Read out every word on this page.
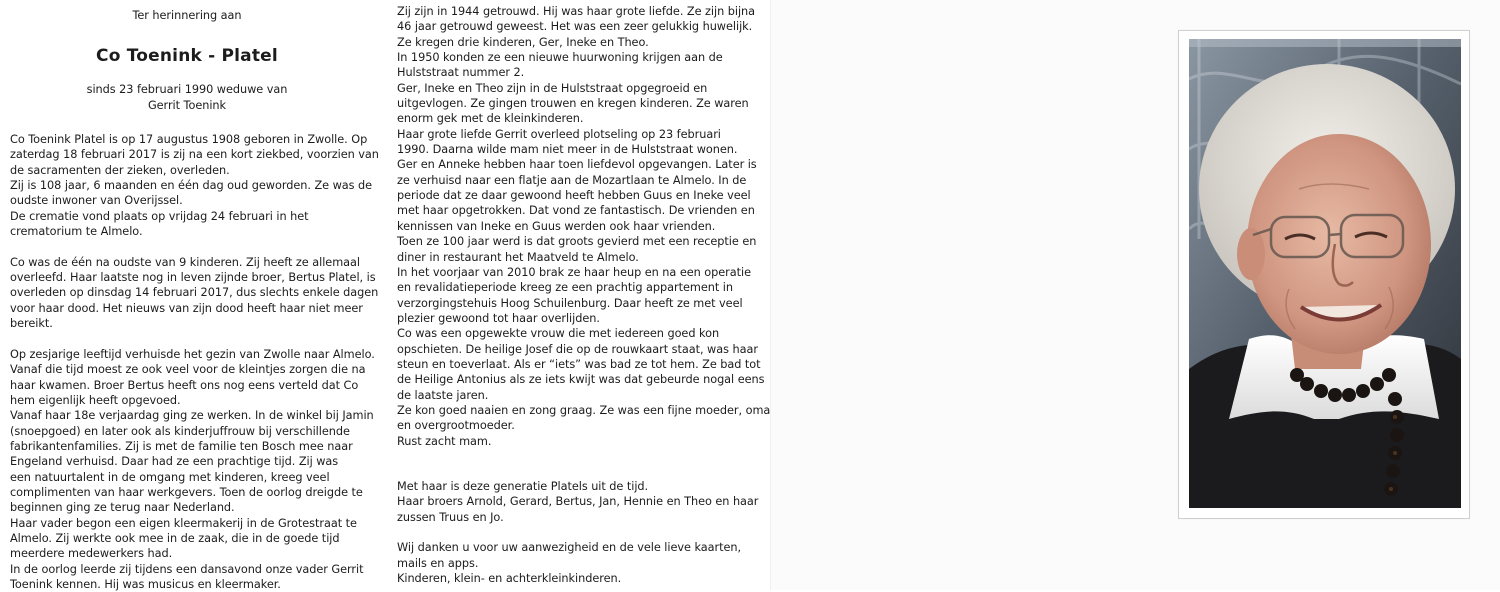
Ter herinnering aan
Co Toenink - Platel
sinds 23 februari 1990 weduwe van
Gerrit Toenink
Co Toenink Platel is op 17 augustus 1908 geboren in Zwolle. Op
zaterdag 18 februari 2017 is zij na een kort ziekbed, voorzien van
de sacramenten der zieken, overleden.
Zij is 108 jaar, 6 maanden en één dag oud geworden. Ze was de
oudste inwoner van Overijssel.
De crematie vond plaats op vrijdag 24 februari in het
crematorium te Almelo.
Co was de één na oudste van 9 kinderen. Zij heeft ze allemaal
overleefd. Haar laatste nog in leven zijnde broer, Bertus Platel, is
overleden op dinsdag 14 februari 2017, dus slechts enkele dagen
voor haar dood. Het nieuws van zijn dood heeft haar niet meer
bereikt.
Op zesjarige leeftijd verhuisde het gezin van Zwolle naar Almelo.
Vanaf die tijd moest ze ook veel voor de kleintjes zorgen die na
haar kwamen. Broer Bertus heeft ons nog eens verteld dat Co
hem eigenlijk heeft opgevoed.
Vanaf haar 18e verjaardag ging ze werken. In de winkel bij Jamin
(snoepgoed) en later ook als kinderjuffrouw bij verschillende
fabrikantenfamilies. Zij is met de familie ten Bosch mee naar
Engeland verhuisd. Daar had ze een prachtige tijd. Zij was
een natuurtalent in de omgang met kinderen, kreeg veel
complimenten van haar werkgevers. Toen de oorlog dreigde te
beginnen ging ze terug naar Nederland.
Haar vader begon een eigen kleermakerij in de Grotestraat te
Almelo. Zij werkte ook mee in de zaak, die in de goede tijd
meerdere medewerkers had.
In de oorlog leerde zij tijdens een dansavond onze vader Gerrit
Toenink kennen. Hij was musicus en kleermaker.
Zij zijn in 1944 getrouwd. Hij was haar grote liefde. Ze zijn bijna
46 jaar getrouwd geweest. Het was een zeer gelukkig huwelijk.
Ze kregen drie kinderen, Ger, Ineke en Theo.
In 1950 konden ze een nieuwe huurwoning krijgen aan de
Hulststraat nummer 2.
Ger, Ineke en Theo zijn in de Hulststraat opgegroeid en
uitgevlogen. Ze gingen trouwen en kregen kinderen. Ze waren
enorm gek met de kleinkinderen.
Haar grote liefde Gerrit overleed plotseling op 23 februari
1990. Daarna wilde mam niet meer in de Hulststraat wonen.
Ger en Anneke hebben haar toen liefdevol opgevangen. Later is
ze verhuisd naar een flatje aan de Mozartlaan te Almelo. In de
periode dat ze daar gewoond heeft hebben Guus en Ineke veel
met haar opgetrokken. Dat vond ze fantastisch. De vrienden en
kennissen van Ineke en Guus werden ook haar vrienden.
Toen ze 100 jaar werd is dat groots gevierd met een receptie en
diner in restaurant het Maatveld te Almelo.
In het voorjaar van 2010 brak ze haar heup en na een operatie
en revalidatieperiode kreeg ze een prachtig appartement in
verzorgingstehuis Hoog Schuilenburg. Daar heeft ze met veel
plezier gewoond tot haar overlijden.
Co was een opgewekte vrouw die met iedereen goed kon
opschieten. De heilige Josef die op de rouwkaart staat, was haar
steun en toeverlaat. Als er “iets” was bad ze tot hem. Ze bad tot
de Heilige Antonius als ze iets kwijt was dat gebeurde nogal eens
de laatste jaren.
Ze kon goed naaien en zong graag. Ze was een fijne moeder, oma
en overgrootmoeder.
Rust zacht mam.
Met haar is deze generatie Platels uit de tijd.
Haar broers Arnold, Gerard, Bertus, Jan, Hennie en Theo en haar
zussen Truus en Jo.
Wij danken u voor uw aanwezigheid en de vele lieve kaarten,
mails en apps.
Kinderen, klein- en achterkleinkinderen.
